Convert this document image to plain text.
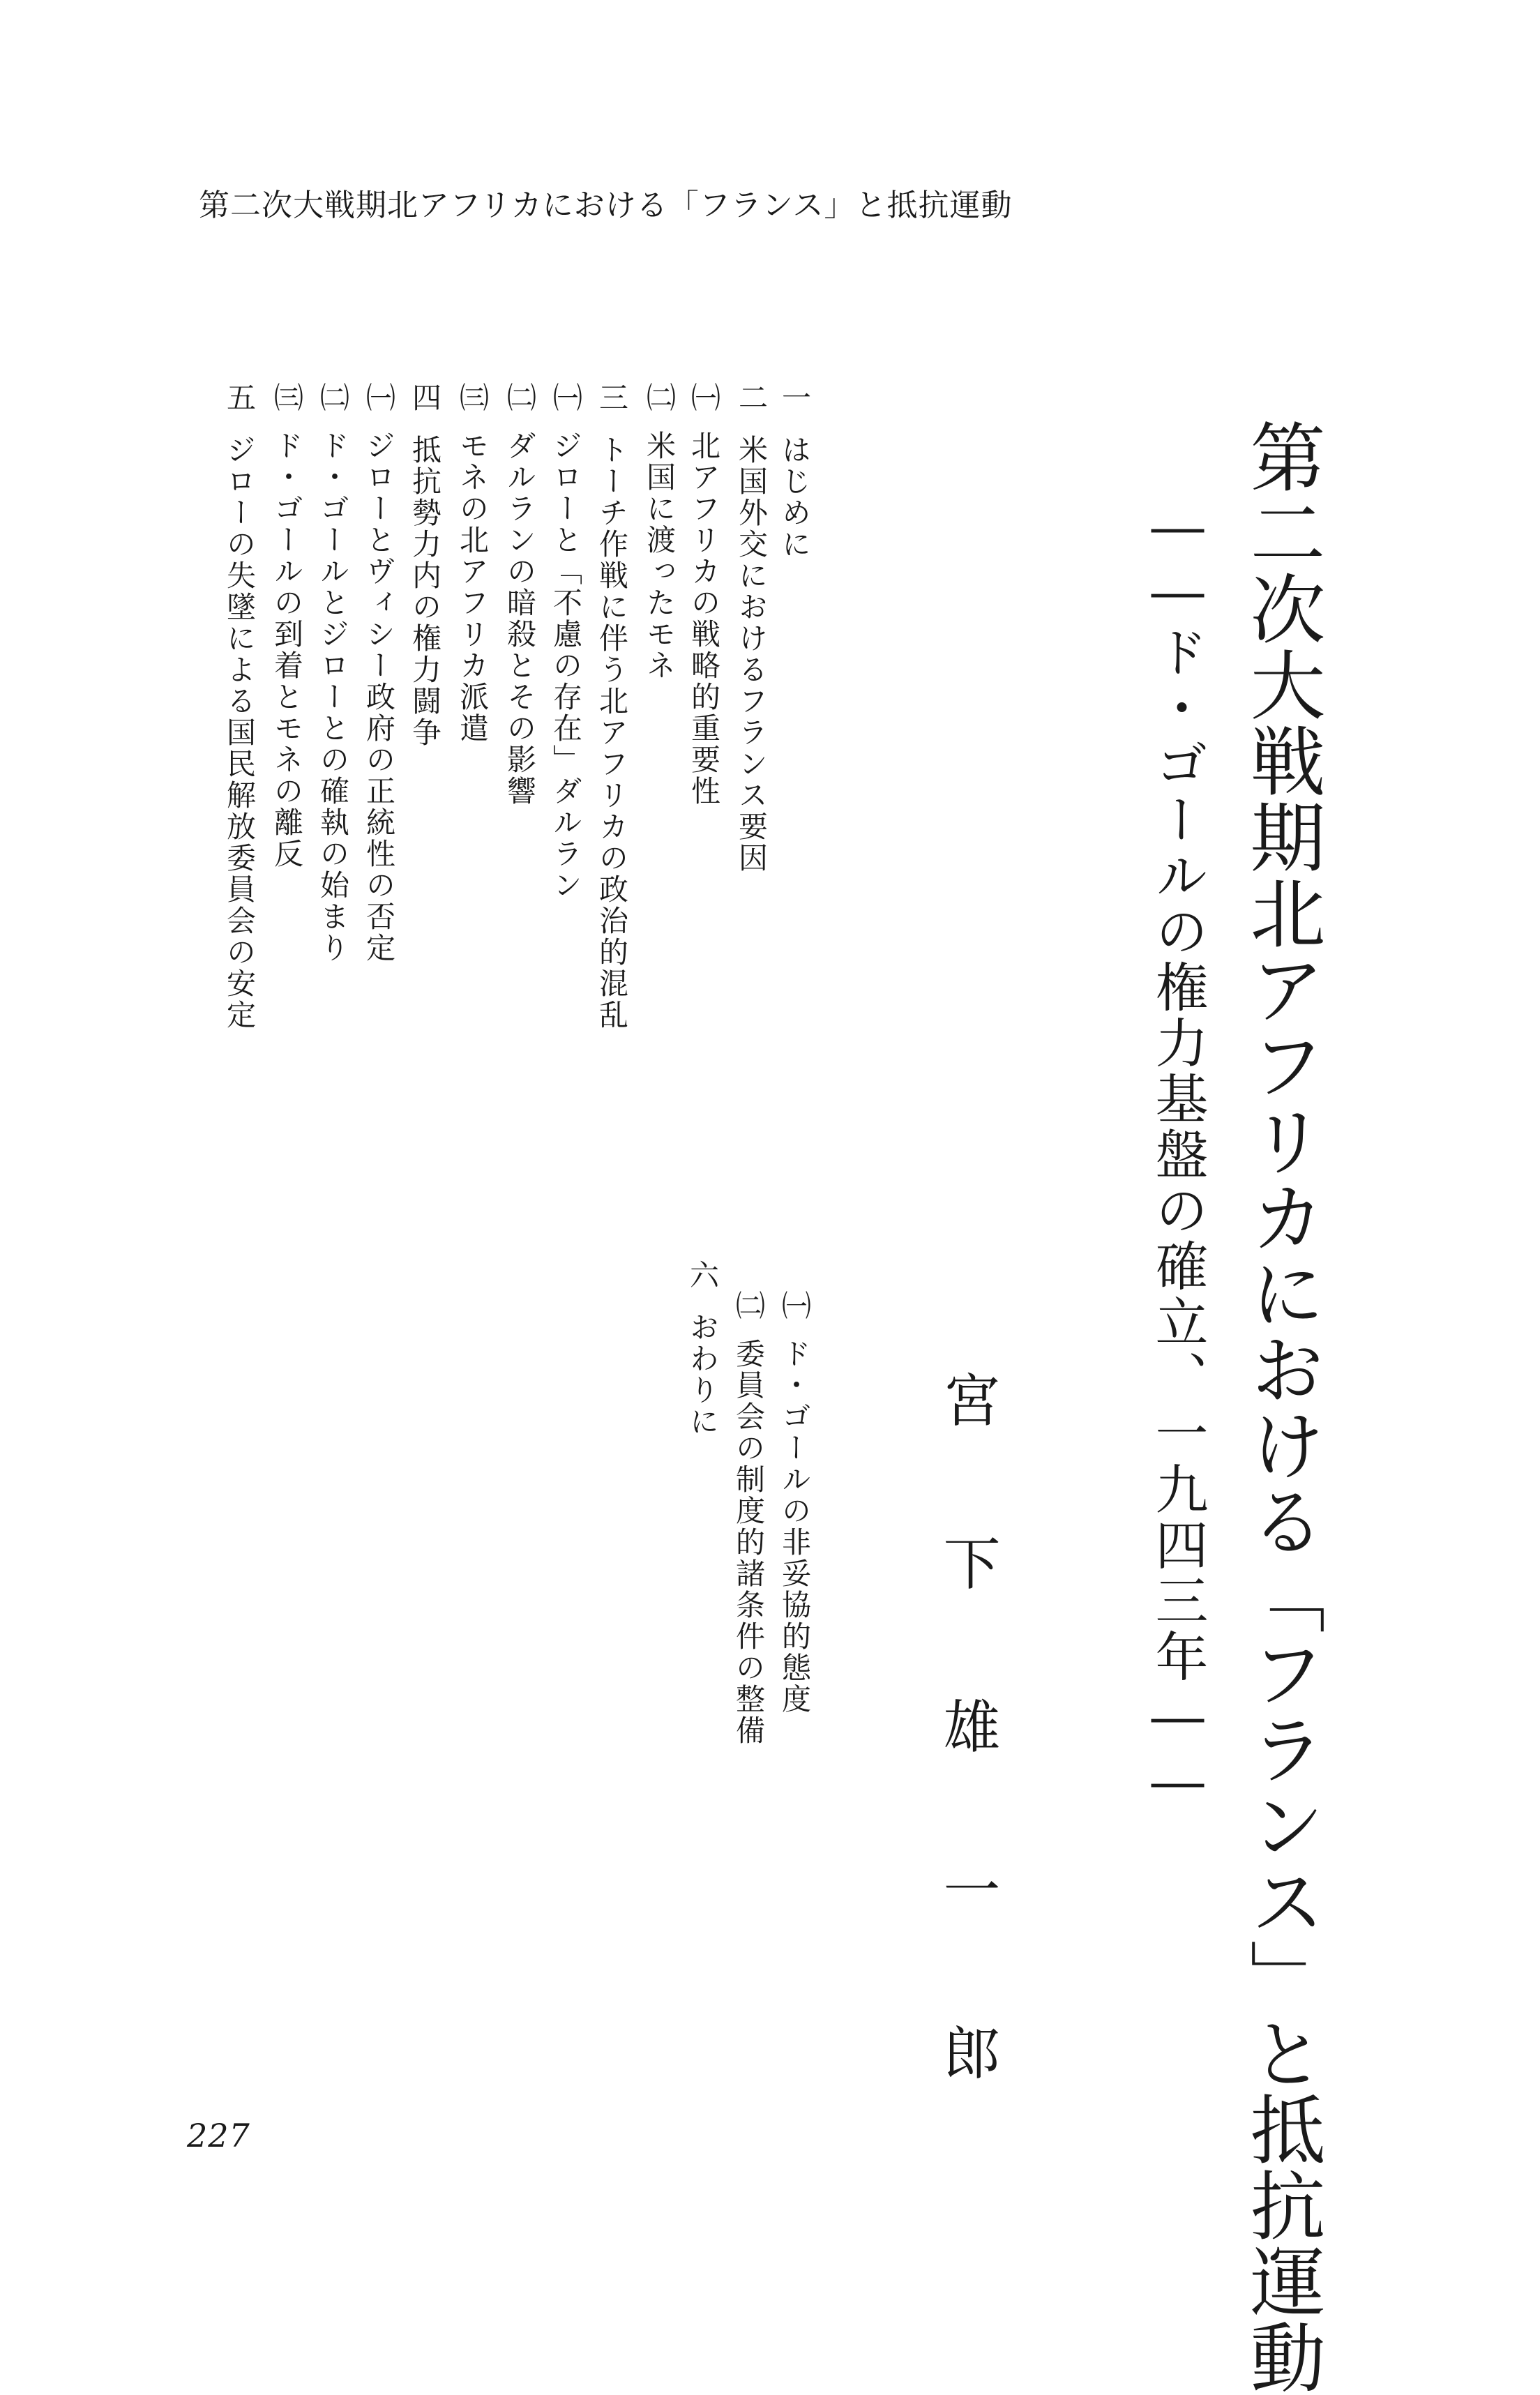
第二次大戦期北アフリカにおける「フランス」と抵抗運動
第二次大戦期北アフリカにおける「フランス」と抵抗運動
――ド・ゴールの権力基盤の確立、一九四三年――
宮下雄一郎
一はじめに
二米国外交におけるフランス要因
㈠北アフリカの戦略的重要性
㈡米国に渡ったモネ
三トーチ作戦に伴う北アフリカの政治的混乱
㈠ジローと「不慮の存在」ダルラン
㈡ダルランの暗殺とその影響
㈢モネの北アフリカ派遣
四抵抗勢力内の権力闘争
㈠ジローとヴィシー政府の正統性の否定
㈡ド・ゴールとジローとの確執の始まり
㈢ド・ゴールの到着とモネの離反
五ジローの失墜による国民解放委員会の安定
㈠ド・ゴールの非妥協的態度
㈡委員会の制度的諸条件の整備
六おわりに
227
